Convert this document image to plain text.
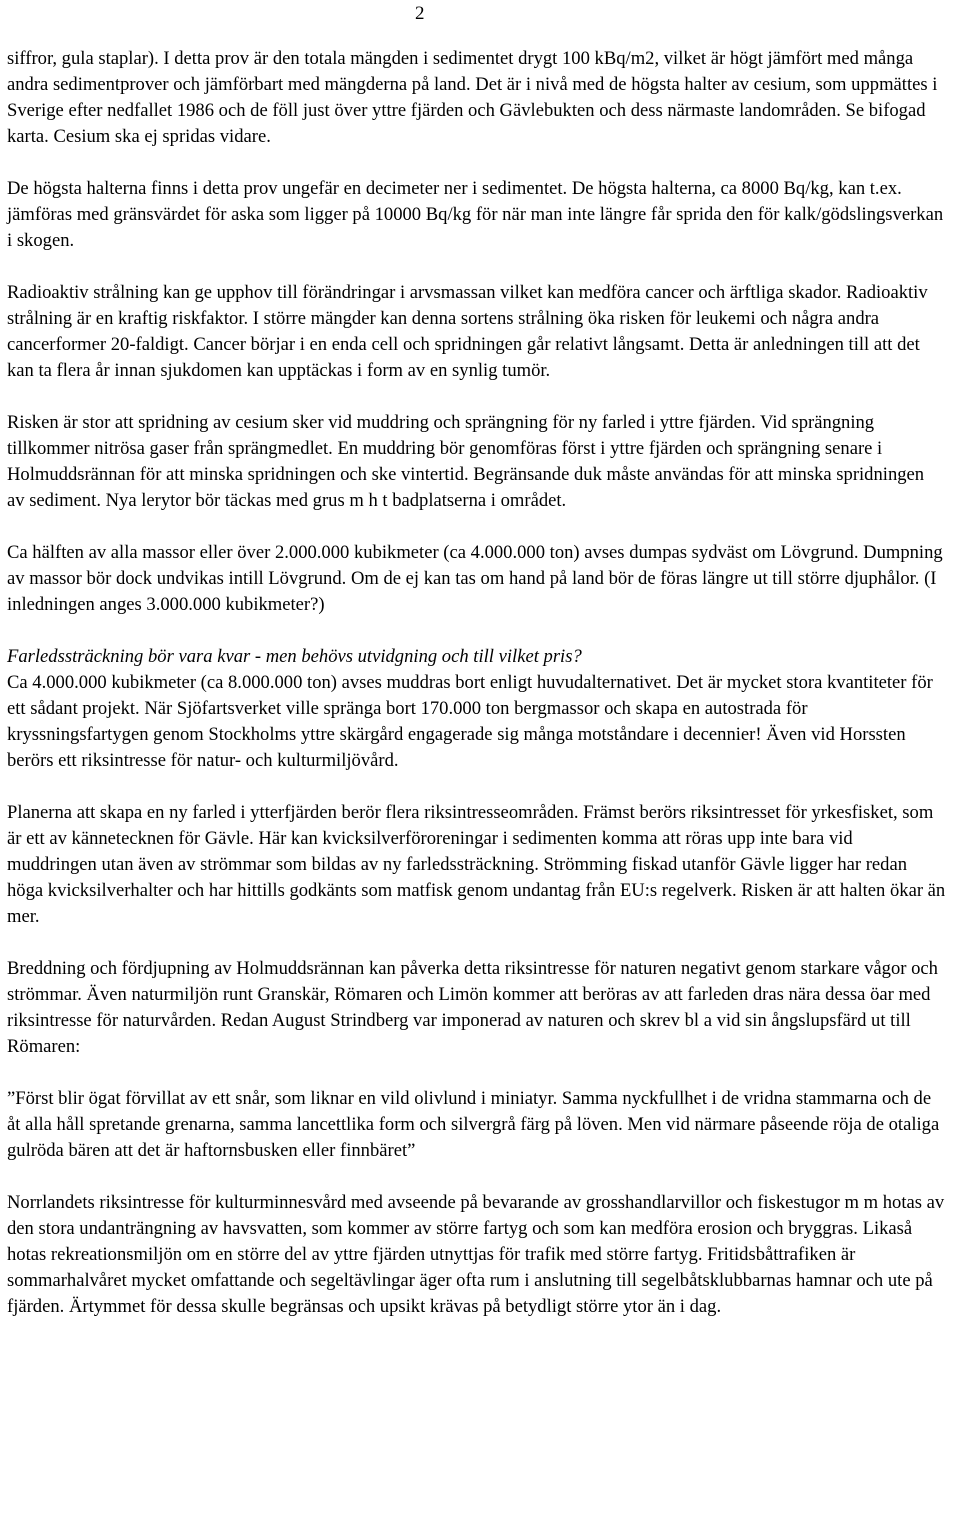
2

siffror, gula staplar). I detta prov är den totala mängden i sedimentet drygt 100 kBq/m2, vilket är högt jämfört med många andra sedimentprover och jämförbart med mängderna på land. Det är i nivå med de högsta halter av cesium, som uppmättes i Sverige efter nedfallet 1986 och de föll just över yttre fjärden och Gävlebukten och dess närmaste landområden. Se bifogad karta. Cesium ska ej spridas vidare.

De högsta halterna finns i detta prov ungefär en decimeter ner i sedimentet. De högsta halterna, ca 8000 Bq/kg, kan t.ex. jämföras med gränsvärdet för aska som ligger på 10000 Bq/kg för när man inte längre får sprida den för kalk/gödslingsverkan i skogen.

Radioaktiv strålning kan ge upphov till förändringar i arvsmassan vilket kan medföra cancer och ärftliga skador. Radioaktiv strålning är en kraftig riskfaktor. I större mängder kan denna sortens strålning öka risken för leukemi och några andra cancerformer 20-faldigt. Cancer börjar i en enda cell och spridningen går relativt långsamt. Detta är anledningen till att det kan ta flera år innan sjukdomen kan upptäckas i form av en synlig tumör.

Risken är stor att spridning av cesium sker vid muddring och sprängning för ny farled i yttre fjärden. Vid sprängning tillkommer nitrösa gaser från sprängmedlet. En muddring bör genomföras först i yttre fjärden och sprängning senare i Holmuddsrännan för att minska spridningen och ske vintertid. Begränsande duk måste användas för att minska spridningen av sediment. Nya lerytor bör täckas med grus m h t badplatserna i området.

Ca hälften av alla massor eller över 2.000.000 kubikmeter (ca 4.000.000 ton) avses dumpas sydväst om Lövgrund. Dumpning av massor bör dock undvikas intill Lövgrund. Om de ej kan tas om hand på land bör de föras längre ut till större djuphålor. (I inledningen anges 3.000.000 kubikmeter?)

Farledssträckning bör vara kvar - men behövs utvidgning och till vilket pris?
Ca 4.000.000 kubikmeter (ca 8.000.000 ton) avses muddras bort enligt huvudalternativet. Det är mycket stora kvantiteter för ett sådant projekt. När Sjöfartsverket ville spränga bort 170.000 ton bergmassor och skapa en autostrada för kryssningsfartygen genom Stockholms yttre skärgård engagerade sig många motståndare i decennier! Även vid Horssten berörs ett riksintresse för natur- och kulturmiljövård.

Planerna att skapa en ny farled i ytterfjärden berör flera riksintresseområden. Främst berörs riksintresset för yrkesfisket, som är ett av kännetecknen för Gävle. Här kan kvicksilverföroreningar i sedimenten komma att röras upp inte bara vid muddringen utan även av strömmar som bildas av ny farledssträckning. Strömming fiskad utanför Gävle ligger har redan höga kvicksilverhalter och har hittills godkänts som matfisk genom undantag från EU:s regelverk. Risken är att halten ökar än mer.

Breddning och fördjupning av Holmuddsrännan kan påverka detta riksintresse för naturen negativt genom starkare vågor och strömmar. Även naturmiljön runt Granskär, Römaren och Limön kommer att beröras av att farleden dras nära dessa öar med riksintresse för naturvården. Redan August Strindberg var imponerad av naturen och skrev bl a vid sin ångslupsfärd ut till Römaren:

”Först blir ögat förvillat av ett snår, som liknar en vild olivlund i miniatyr. Samma nyckfullhet i de vridna stammarna och de åt alla håll spretande grenarna, samma lancettlika form och silvergrå färg på löven. Men vid närmare påseende röja de otaliga gulröda bären att det är haftornsbusken eller finnbäret”

Norrlandets riksintresse för kulturminnesvård med avseende på bevarande av grosshandlarvillor och fiskestugor m m hotas av den stora undanträngning av havsvatten, som kommer av större fartyg och som kan medföra erosion och bryggras. Likaså hotas rekreationsmiljön om en större del av yttre fjärden utnyttjas för trafik med större fartyg. Fritidsbåttrafiken är sommarhalvåret mycket omfattande och segeltävlingar äger ofta rum i anslutning till segelbåtsklubbarnas hamnar och ute på fjärden. Ärtymmet för dessa skulle begränsas och upsikt krävas på betydligt större ytor än i dag.
